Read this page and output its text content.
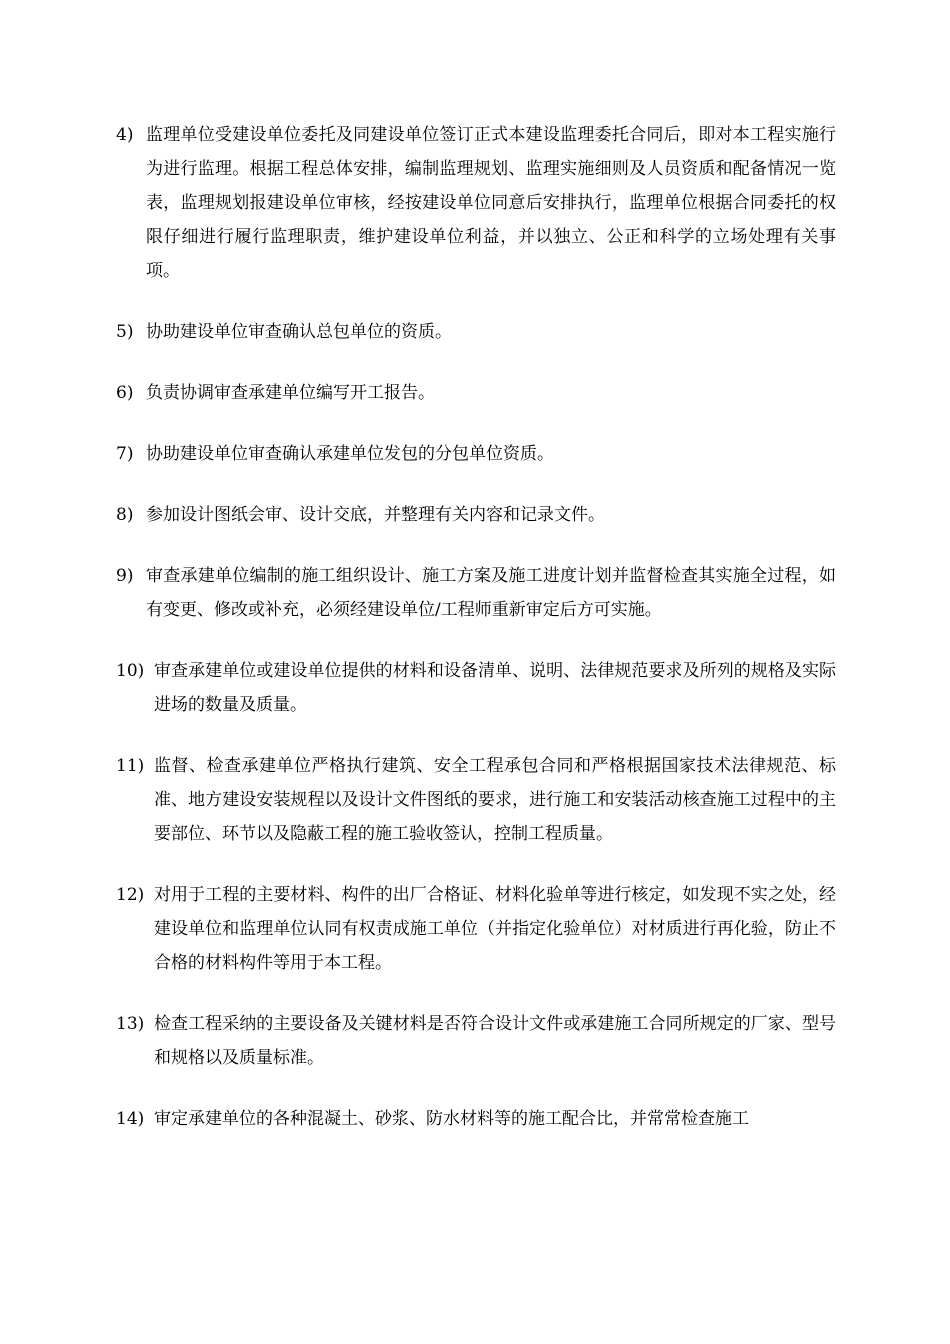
4) 监理单位受建设单位委托及同建设单位签订正式本建设监理委托合同后，即对本工程实施行为进行监理。根据工程总体安排，编制监理规划、监理实施细则及人员资质和配备情况一览表，监理规划报建设单位审核，经按建设单位同意后安排执行，监理单位根据合同委托的权限仔细进行履行监理职责，维护建设单位利益，并以独立、公正和科学的立场处理有关事项。
5) 协助建设单位审查确认总包单位的资质。
6) 负责协调审查承建单位编写开工报告。
7) 协助建设单位审查确认承建单位发包的分包单位资质。
8) 参加设计图纸会审、设计交底，并整理有关内容和记录文件。
9) 审查承建单位编制的施工组织设计、施工方案及施工进度计划并监督检查其实施全过程，如有变更、修改或补充，必须经建设单位/工程师重新审定后方可实施。
10) 审查承建单位或建设单位提供的材料和设备清单、说明、法律规范要求及所列的规格及实际进场的数量及质量。
11) 监督、检查承建单位严格执行建筑、安全工程承包合同和严格根据国家技术法律规范、标准、地方建设安装规程以及设计文件图纸的要求，进行施工和安装活动核查施工过程中的主要部位、环节以及隐蔽工程的施工验收签认，控制工程质量。
12) 对用于工程的主要材料、构件的出厂合格证、材料化验单等进行核定，如发现不实之处，经建设单位和监理单位认同有权责成施工单位（并指定化验单位）对材质进行再化验，防止不合格的材料构件等用于本工程。
13) 检查工程采纳的主要设备及关键材料是否符合设计文件或承建施工合同所规定的厂家、型号和规格以及质量标准。
14) 审定承建单位的各种混凝土、砂浆、防水材料等的施工配合比，并常常检查施工
